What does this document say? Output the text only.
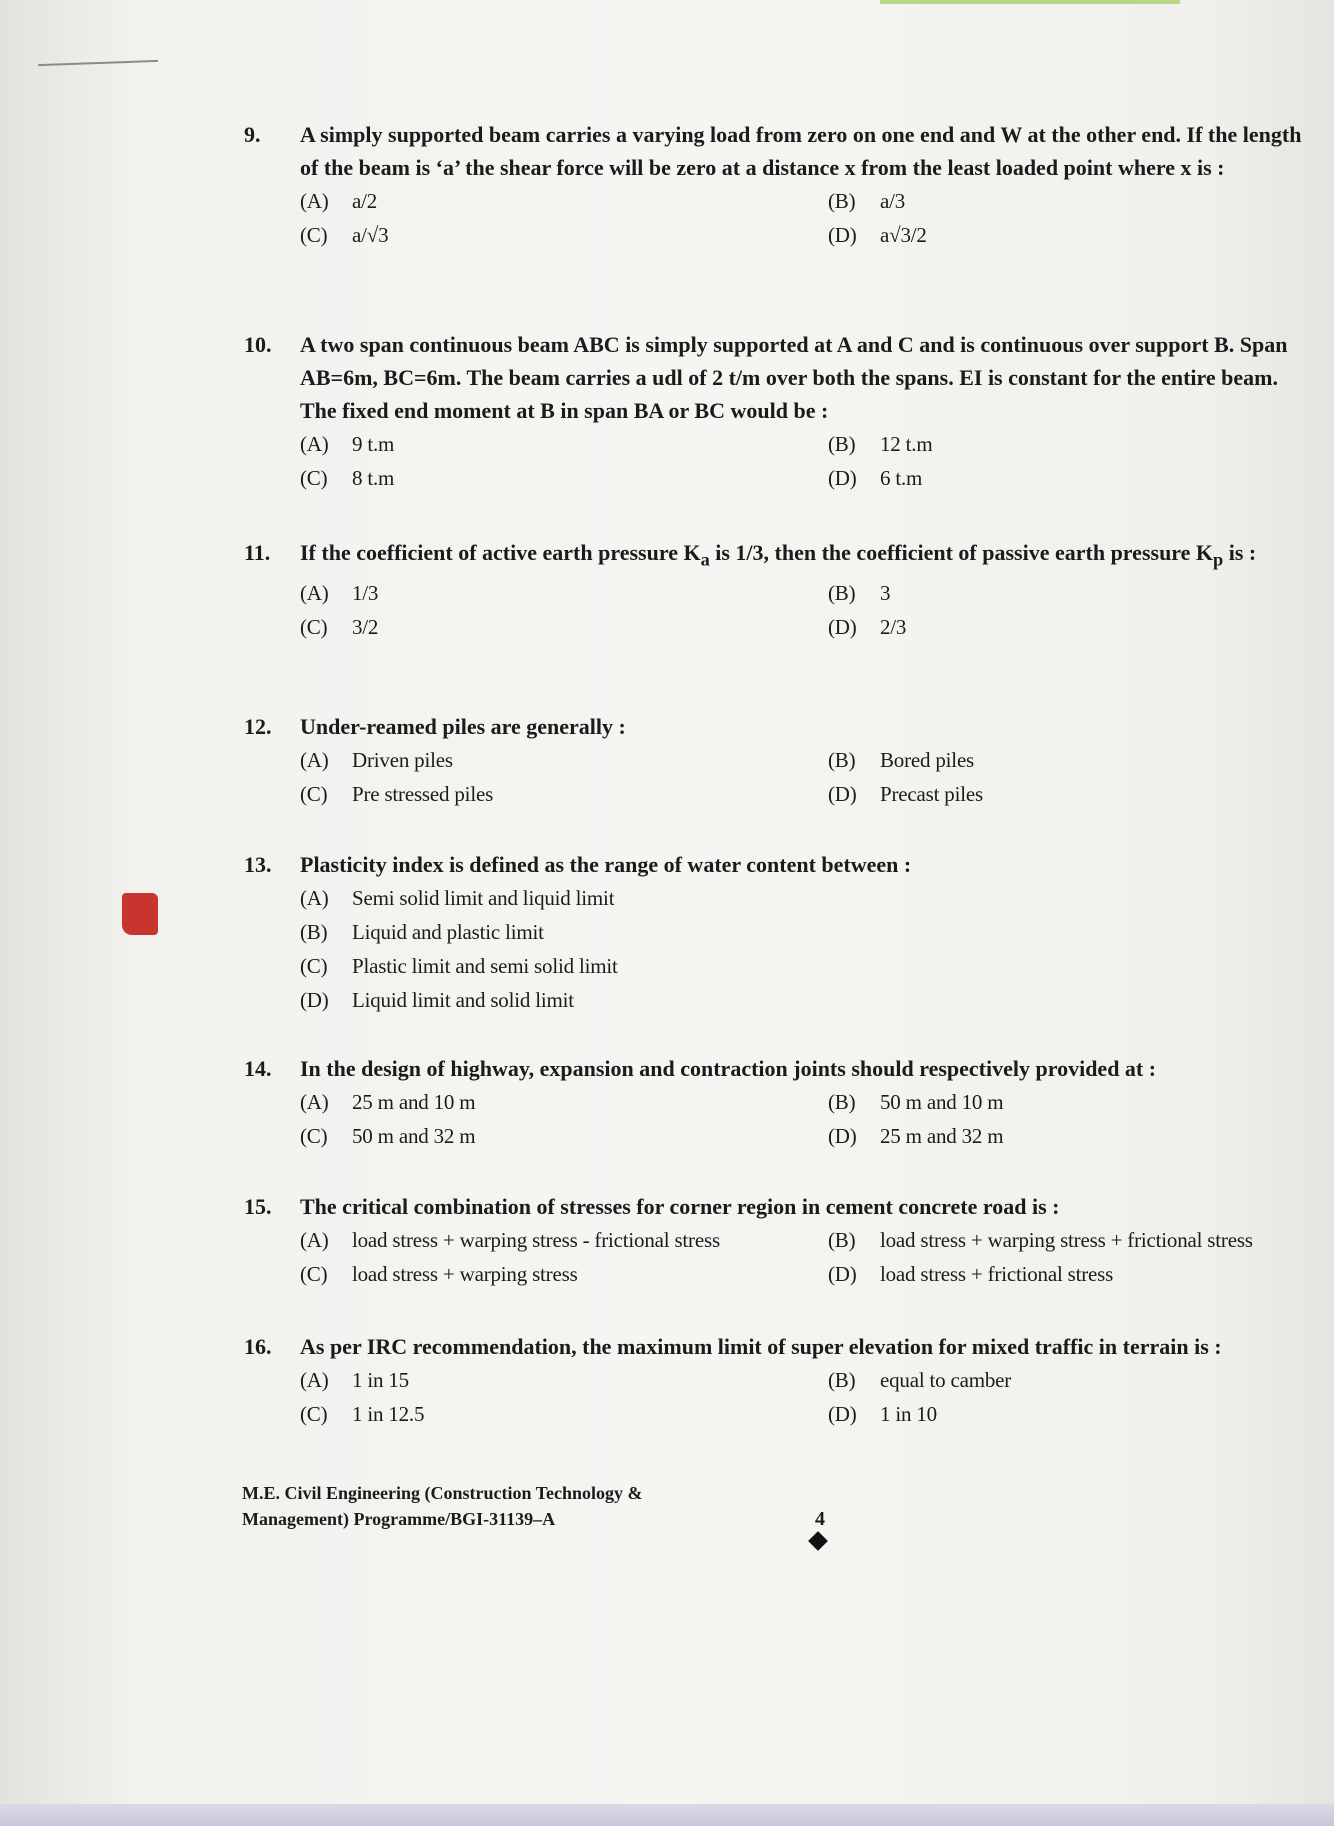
9.	A simply supported beam carries a varying load from zero on one end and W at the other end. If the length of the beam is ‘a’ the shear force will be zero at a distance x from the least loaded point where x is :
(A)	a/2	(B)	a/3
(C)	a/√3	(D)	a√3/2
10.	A two span continuous beam ABC is simply supported at A and C and is continuous over support B. Span AB=6m, BC=6m. The beam carries a udl of 2 t/m over both the spans. EI is constant for the entire beam. The fixed end moment at B in span BA or BC would be :
(A)	9 t.m	(B)	12 t.m
(C)	8 t.m	(D)	6 t.m
11.	If the coefficient of active earth pressure $K_a$ is 1/3, then the coefficient of passive earth pressure $K_p$ is :
(A)	1/3	(B)	3
(C)	3/2	(D)	2/3
12.	Under-reamed piles are generally :
(A)	Driven piles	(B)	Bored piles
(C)	Pre stressed piles	(D)	Precast piles
13.	Plasticity index is defined as the range of water content between :
(A)	Semi solid limit and liquid limit
(B)	Liquid and plastic limit
(C)	Plastic limit and semi solid limit
(D)	Liquid limit and solid limit
14.	In the design of highway, expansion and contraction joints should respectively provided at :
(A)	25 m and 10 m	(B)	50 m and 10 m
(C)	50 m and 32 m	(D)	25 m and 32 m
15.	The critical combination of stresses for corner region in cement concrete road is :
(A)	load stress + warping stress - frictional stress	(B)	load stress + warping stress + frictional stress
(C)	load stress + warping stress	(D)	load stress + frictional stress
16.	As per IRC recommendation, the maximum limit of super elevation for mixed traffic in terrain is :
(A)	1 in 15	(B)	equal to camber
(C)	1 in 12.5	(D)	1 in 10
M.E. Civil Engineering (Construction Technology &
Management) Programme/BGI-31139–A	4
